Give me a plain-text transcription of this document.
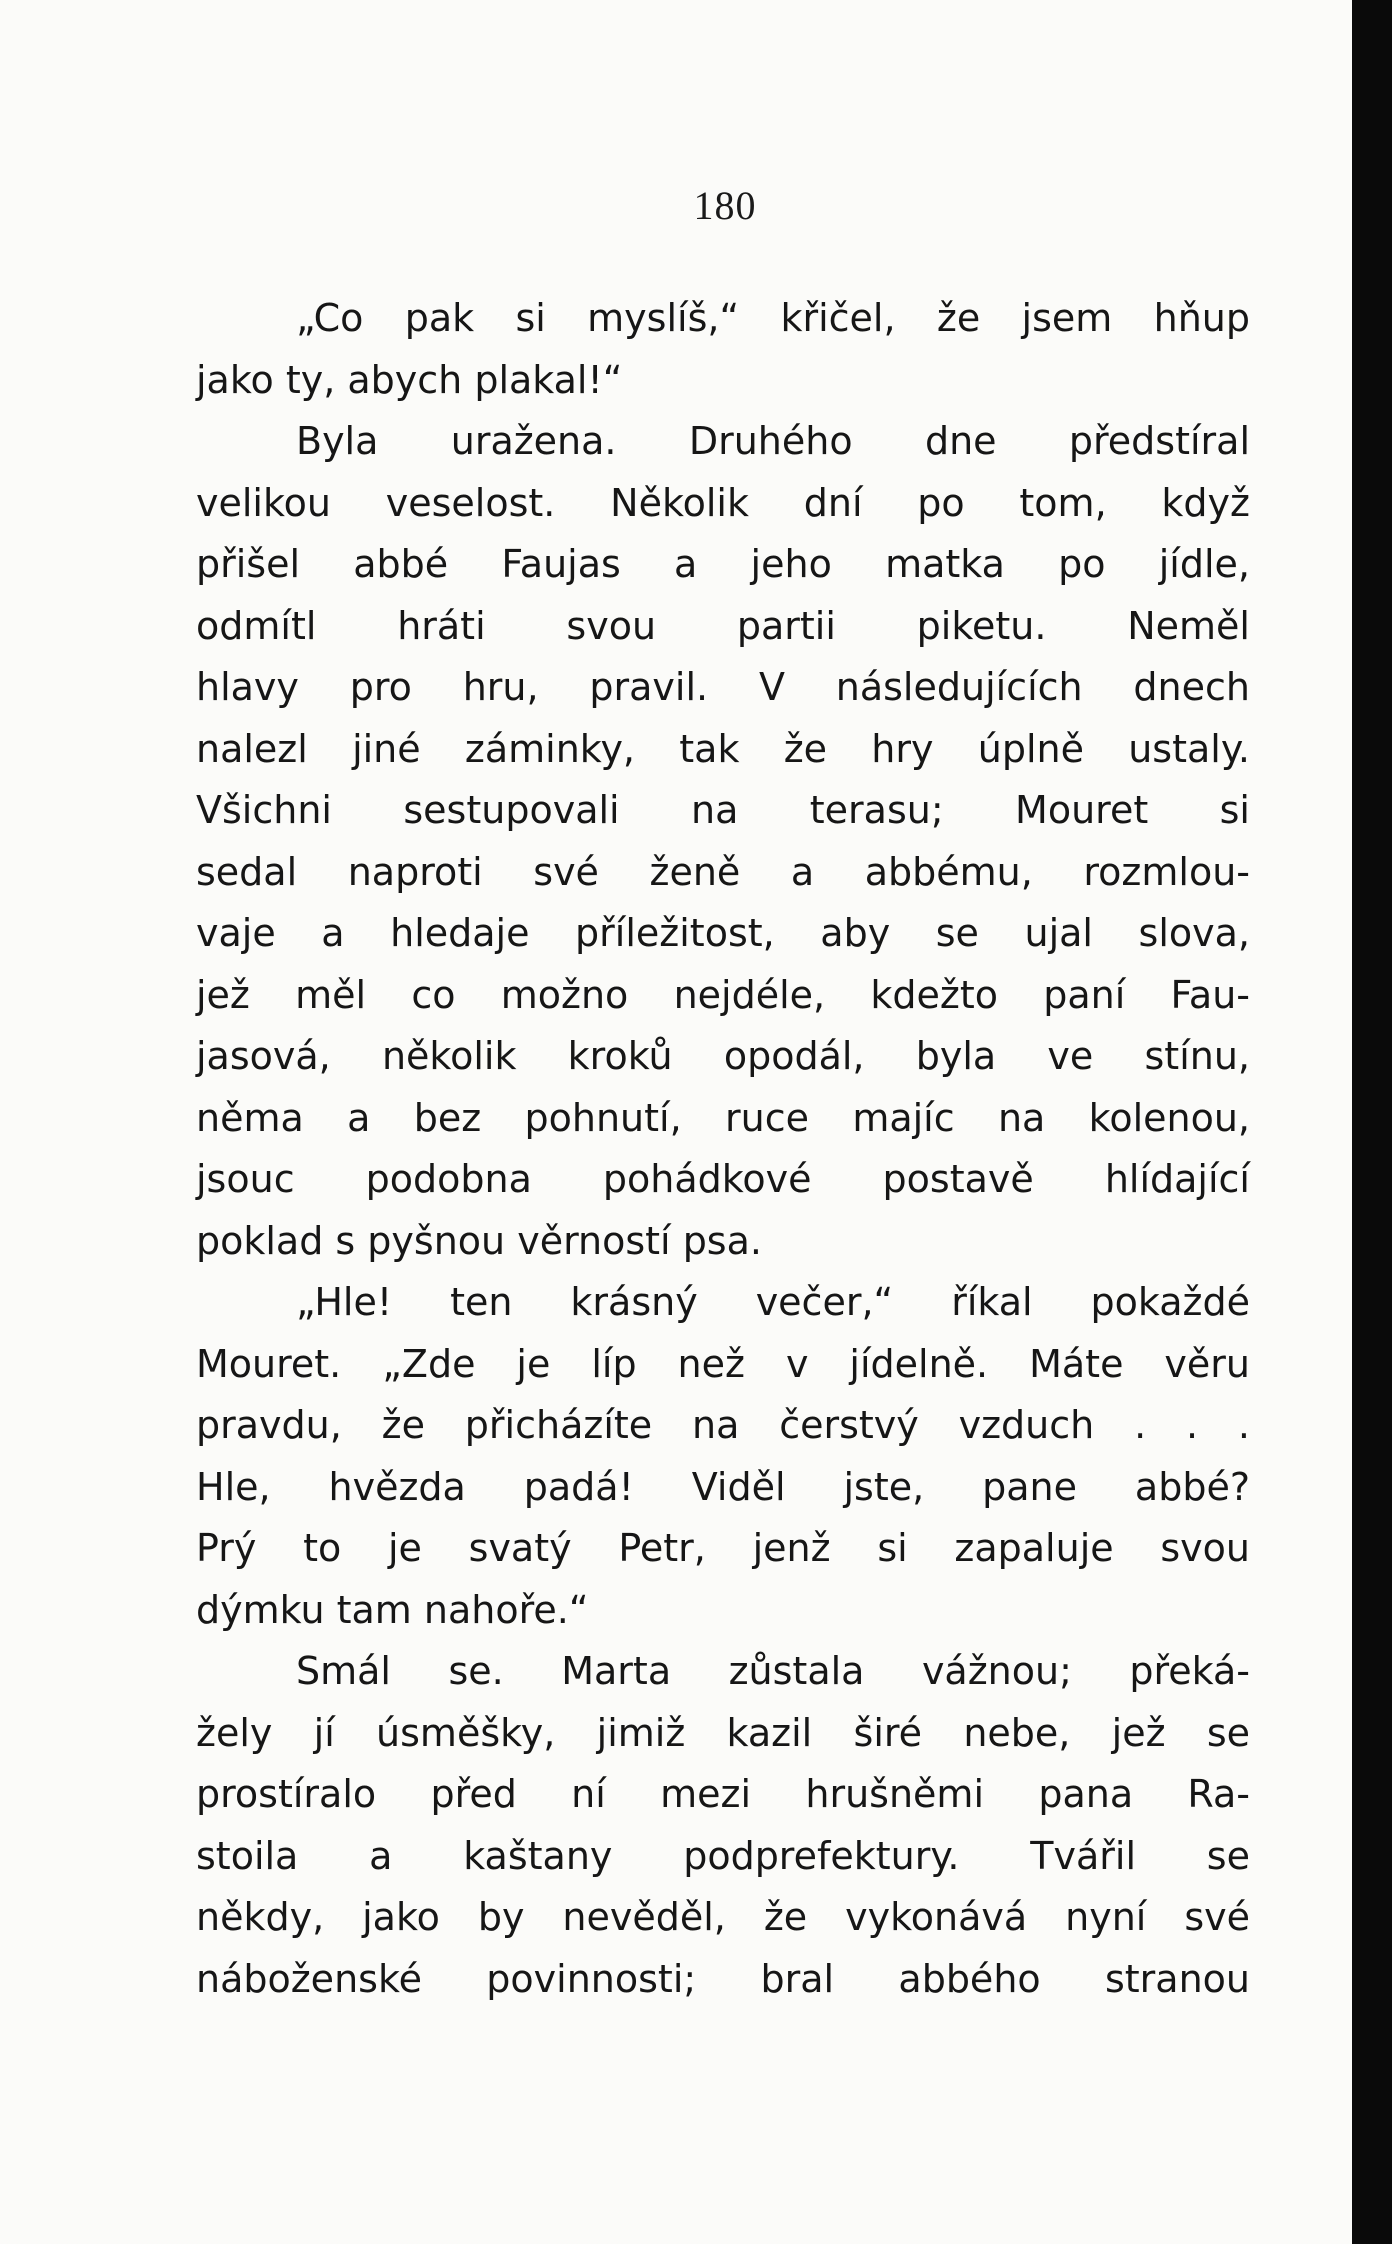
180
„Co pak si myslíš,“ křičel, že jsem hňup
jako ty, abych plakal!“
Byla uražena. Druhého dne předstíral
velikou veselost. Několik dní po tom, když
přišel abbé Faujas a jeho matka po jídle,
odmítl hráti svou partii piketu. Neměl
hlavy pro hru, pravil. V následujících dnech
nalezl jiné záminky, tak že hry úplně ustaly.
Všichni sestupovali na terasu; Mouret si
sedal naproti své ženě a abbému, rozmlou-
vaje a hledaje příležitost, aby se ujal slova,
jež měl co možno nejdéle, kdežto paní Fau-
jasová, několik kroků opodál, byla ve stínu,
něma a bez pohnutí, ruce majíc na kolenou,
jsouc podobna pohádkové postavě hlídající
poklad s pyšnou věrností psa.
„Hle! ten krásný večer,“ říkal pokaždé
Mouret. „Zde je líp než v jídelně. Máte věru
pravdu, že přicházíte na čerstvý vzduch . . .
Hle, hvězda padá! Viděl jste, pane abbé?
Prý to je svatý Petr, jenž si zapaluje svou
dýmku tam nahoře.“
Smál se. Marta zůstala vážnou; překá-
žely jí úsměšky, jimiž kazil širé nebe, jež se
prostíralo před ní mezi hrušněmi pana Ra-
stoila a kaštany podprefektury. Tvářil se
někdy, jako by nevěděl, že vykonává nyní své
náboženské povinnosti; bral abbého stranou
